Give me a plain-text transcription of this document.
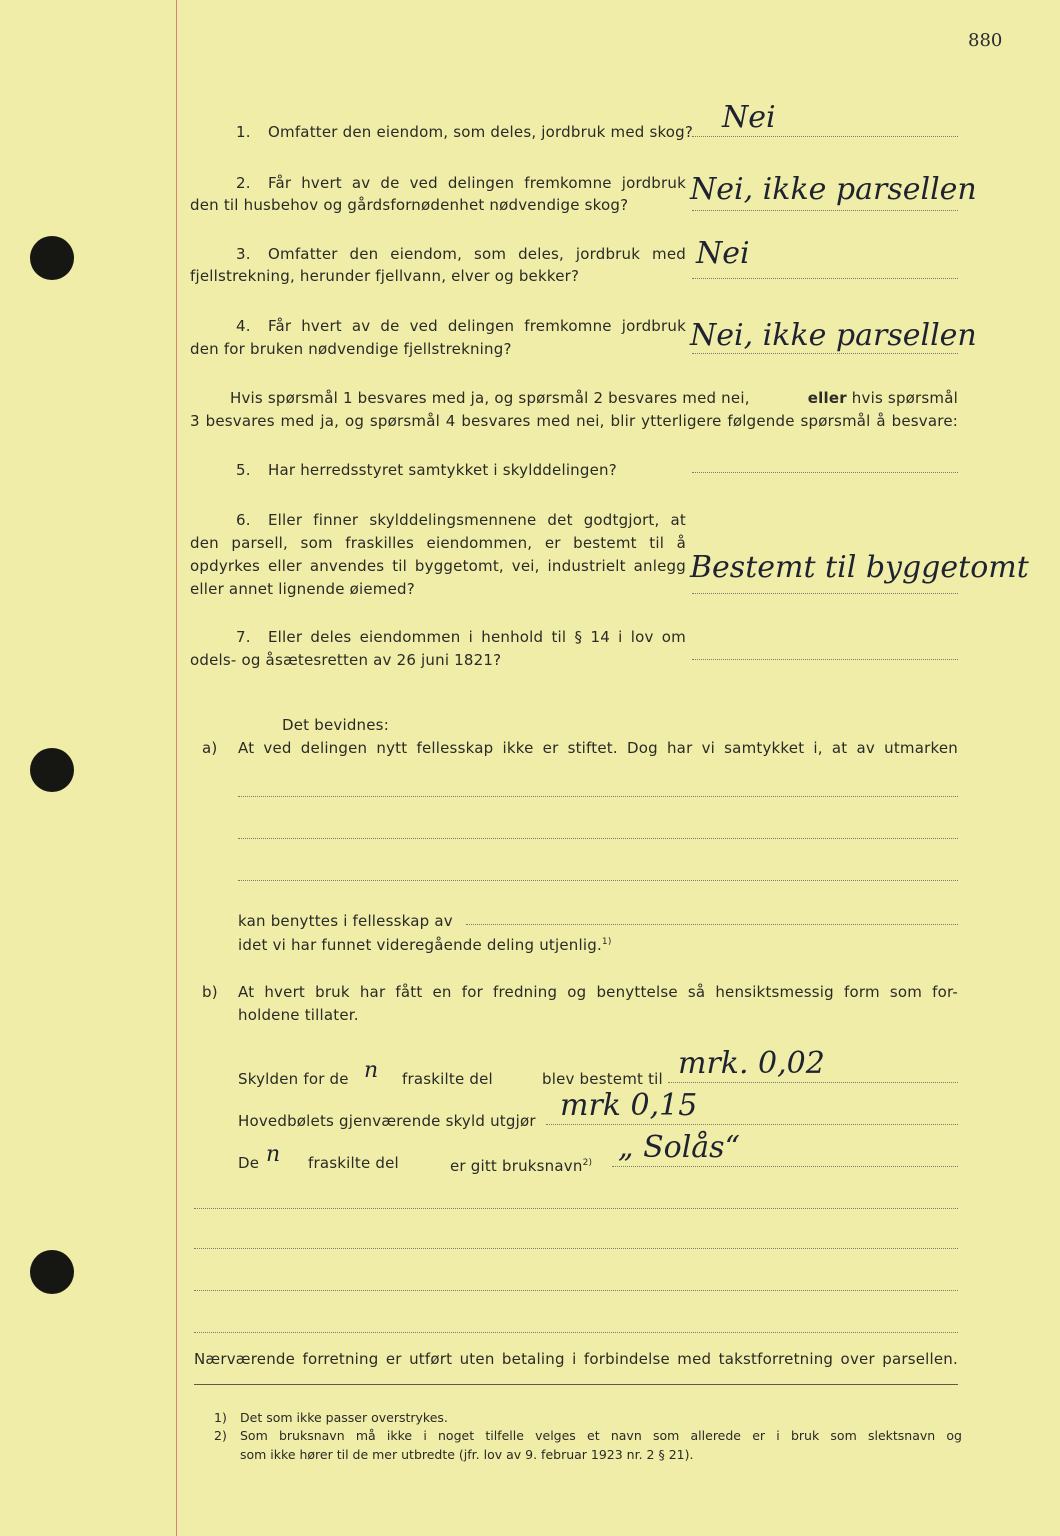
880
1. Omfatter den eiendom, som deles, jordbruk med skog? Nei
2. Får hvert av de ved delingen fremkomne jordbruk
den til husbehov og gårdsfornødenhet nødvendige skog? Nei, ikke parsellen
3. Omfatter den eiendom, som deles, jordbruk med
fjellstrekning, herunder fjellvann, elver og bekker?
Nei
4. Får hvert av de ved delingen fremkomne jordbruk
den for bruken nødvendige fjellstrekning?	Nei, ikke parsellen
Hvis spørsmål 1 besvares med ja, og spørsmål 2 besvares med nei,	eller hvis spørsmål
3 besvares med ja, og spørsmål 4 besvares med nei, blir ytterligere følgende spørsmål å besvare:
5. Har herredsstyret samtykket i skylddelingen?
6. Eller finner skylddelingsmennene det godtgjort, at
den parsell, som fraskilles eiendommen, er bestemt til å
opdyrkes eller anvendes til byggetomt, vei, industrielt anlegg
eller annet lignende øiemed?
Bestemt til byggetomt
7. Eller deles eiendommen i henhold til § 14 i lov om
odels- og åsætesretten av 26 juni 1821?
Det bevidnes:
a) At ved delingen nytt fellesskap ikke er stiftet. Dog har vi samtykket i, at av utmarken
kan benyttes i fellesskap av
idet vi har funnet videregående deling utjenlig.$^{1)}$
b) At hvert bruk har fått en for fredning og benyttelse så hensiktsmessig form som for-
holdene tillater.
Skylden for de n fraskilte del	blev bestemt til mrk. 0,02
Hovedbølets gjenværende skyld utgjør mrk 0,15
De n fraskilte del	er gitt bruksnavn$^{2)}$ „ Solås“
Nærværende forretning er utført uten betaling i forbindelse med takstforretning over parsellen.
1) Det som ikke passer overstrykes.
2) Som bruksnavn må ikke i noget tilfelle velges et navn som allerede er i bruk som slektsnavn og
som ikke hører til de mer utbredte (jfr. lov av 9. februar 1923 nr. 2 § 21).
